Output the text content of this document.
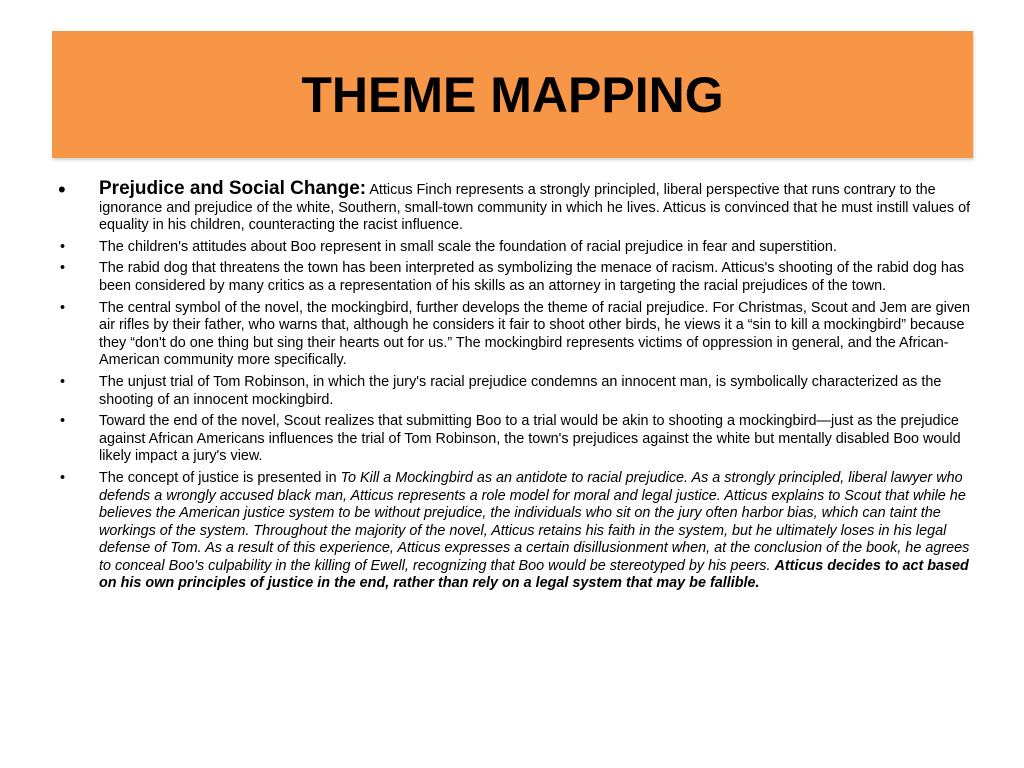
THEME MAPPING
•	Prejudice and Social Change: Atticus Finch represents a strongly principled, liberal perspective that runs contrary to the ignorance and prejudice of the white, Southern, small-town community in which he lives. Atticus is convinced that he must instill values of equality in his children, counteracting the racist influence.
•	The children's attitudes about Boo represent in small scale the foundation of racial prejudice in fear and superstition.
•	The rabid dog that threatens the town has been interpreted as symbolizing the menace of racism. Atticus's shooting of the rabid dog has been considered by many critics as a representation of his skills as an attorney in targeting the racial prejudices of the town.
•	The central symbol of the novel, the mockingbird, further develops the theme of racial prejudice. For Christmas, Scout and Jem are given air rifles by their father, who warns that, although he considers it fair to shoot other birds, he views it a “sin to kill a mockingbird” because they “don't do one thing but sing their hearts out for us.” The mockingbird represents victims of oppression in general, and the African-American community more specifically.
•	The unjust trial of Tom Robinson, in which the jury's racial prejudice condemns an innocent man, is symbolically characterized as the shooting of an innocent mockingbird.
•	Toward the end of the novel, Scout realizes that submitting Boo to a trial would be akin to shooting a mockingbird—just as the prejudice against African Americans influences the trial of Tom Robinson, the town's prejudices against the white but mentally disabled Boo would likely impact a jury's view.
•	The concept of justice is presented in To Kill a Mockingbird as an antidote to racial prejudice. As a strongly principled, liberal lawyer who defends a wrongly accused black man, Atticus represents a role model for moral and legal justice. Atticus explains to Scout that while he believes the American justice system to be without prejudice, the individuals who sit on the jury often harbor bias, which can taint the workings of the system. Throughout the majority of the novel, Atticus retains his faith in the system, but he ultimately loses in his legal defense of Tom. As a result of this experience, Atticus expresses a certain disillusionment when, at the conclusion of the book, he agrees to conceal Boo's culpability in the killing of Ewell, recognizing that Boo would be stereotyped by his peers. Atticus decides to act based on his own principles of justice in the end, rather than rely on a legal system that may be fallible.
